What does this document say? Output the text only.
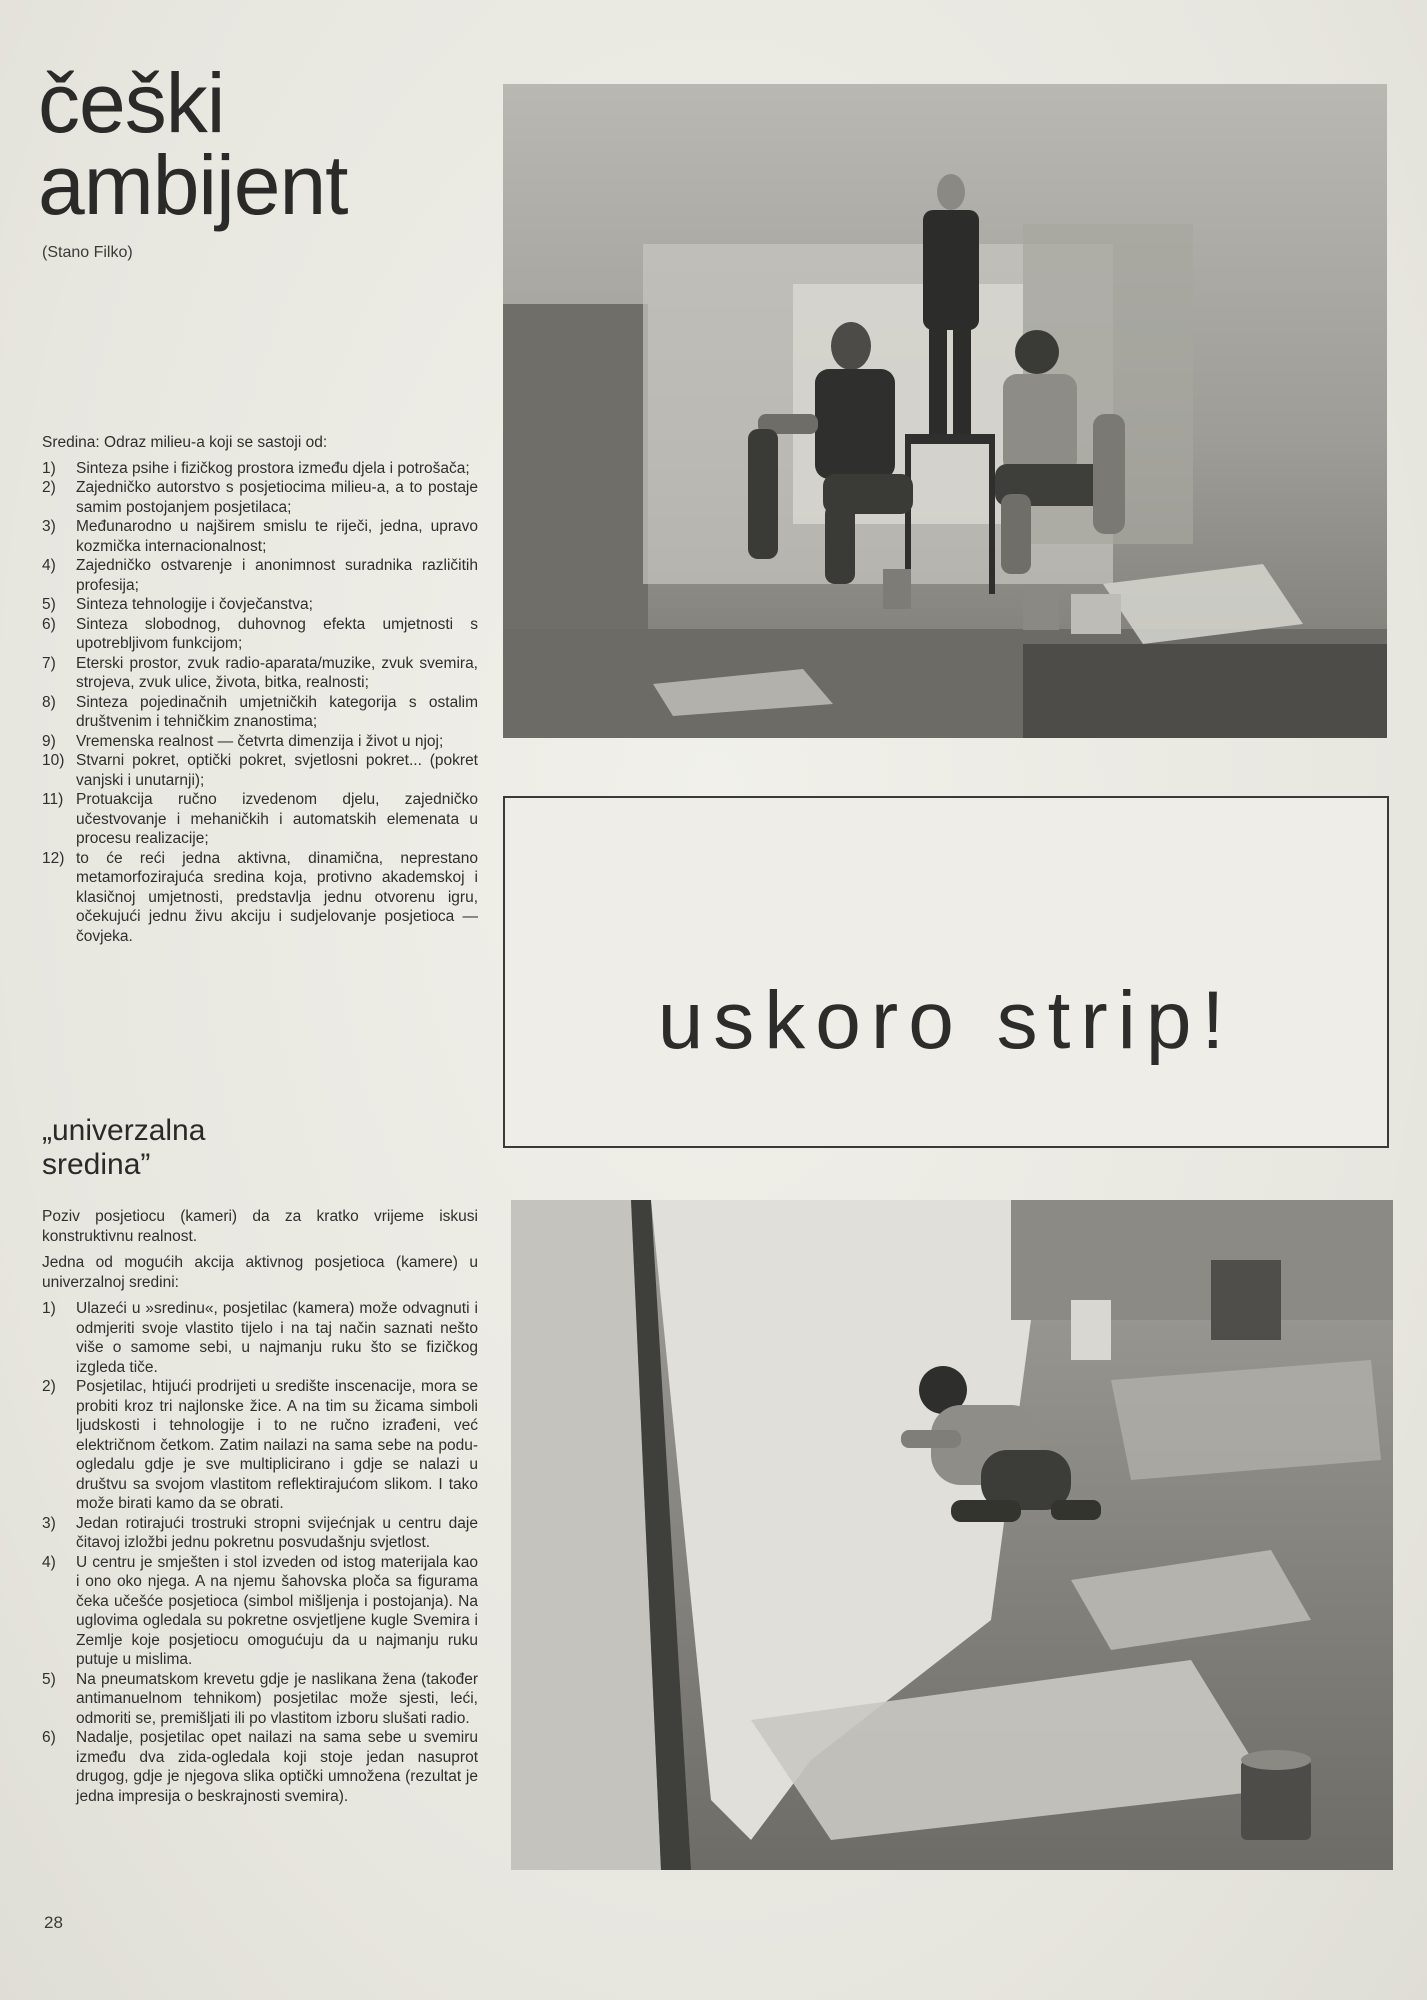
češki
ambijent
(Stano Filko)

Sredina: Odraz milieu-a koji se sastoji od:

1)	Sinteza psihe i fizičkog prostora između djela i potrošača;
2)	Zajedničko autorstvo s posjetiocima milieu-a, a to postaje samim postojanjem posjetilaca;
3)	Međunarodno u najširem smislu te riječi, jedna, upravo kozmička internacionalnost;
4)	Zajedničko ostvarenje i anonimnost suradnika različitih profesija;
5)	Sinteza tehnologije i čovječanstva;
6)	Sinteza slobodnog, duhovnog efekta umjetnosti s upotrebljivom funkcijom;
7)	Eterski prostor, zvuk radio-aparata/muzike, zvuk svemira, strojeva, zvuk ulice, života, bitka, realnosti;
8)	Sinteza pojedinačnih umjetničkih kategorija s ostalim društvenim i tehničkim znanostima;
9)	Vremenska realnost — četvrta dimenzija i život u njoj;
10) Stvarni pokret, optički pokret, svjetlosni pokret... (pokret vanjski i unutarnji);
11) Protuakcija ručno izvedenom djelu, zajedničko učestvovanje i mehaničkih i automatskih elemenata u procesu realizacije;
12) to će reći jedna aktivna, dinamična, neprestano metamorfozirajuća sredina koja, protivno akademskoj i klasičnoj umjetnosti, predstavlja jednu otvorenu igru, očekujući jednu živu akciju i sudjelovanje posjetioca — čovjeka.
„univerzalna
sredina”

Poziv posjetiocu (kameri) da za kratko vrijeme iskusi konstruktivnu realnost.

Jedna od mogućih akcija aktivnog posjetioca (kamere) u univerzalnoj sredini:

1)	Ulazeći u »sredinu«, posjetilac (kamera) može odvagnuti i odmjeriti svoje vlastito tijelo i na taj način saznati nešto više o samome sebi, u najmanju ruku što se fizičkog izgleda tiče.
2)	Posjetilac, htijući prodrijeti u središte inscenacije, mora se probiti kroz tri najlonske žice. A na tim su žicama simboli ljudskosti i tehnologije i to ne ručno izrađeni, već električnom četkom. Zatim nailazi na sama sebe na podu-ogledalu gdje je sve multiplicirano i gdje se nalazi u društvu sa svojom vlastitom reflektirajućom slikom. I tako može birati kamo da se obrati.
3)	Jedan rotirajući trostruki stropni svijećnjak u centru daje čitavoj izložbi jednu pokretnu posvudašnju svjetlost.
4)	U centru je smješten i stol izveden od istog materijala kao i ono oko njega. A na njemu šahovska ploča sa figurama čeka učešće posjetioca (simbol mišljenja i postojanja). Na uglovima ogledala su pokretne osvjetljene kugle Svemira i Zemlje koje posjetiocu omogućuju da u najmanju ruku putuje u mislima.
5)	Na pneumatskom krevetu gdje je naslikana žena (također antimanuelnom tehnikom) posjetilac može sjesti, leći, odmoriti se, premišljati ili po vlastitom izboru slušati radio.
6)	Nadalje, posjetilac opet nailazi na sama sebe u svemiru između dva zida-ogledala koji stoje jedan nasuprot drugog, gdje je njegova slika optički umnožena (rezultat je jedna impresija o beskrajnosti svemira).
28

uskoro strip!
